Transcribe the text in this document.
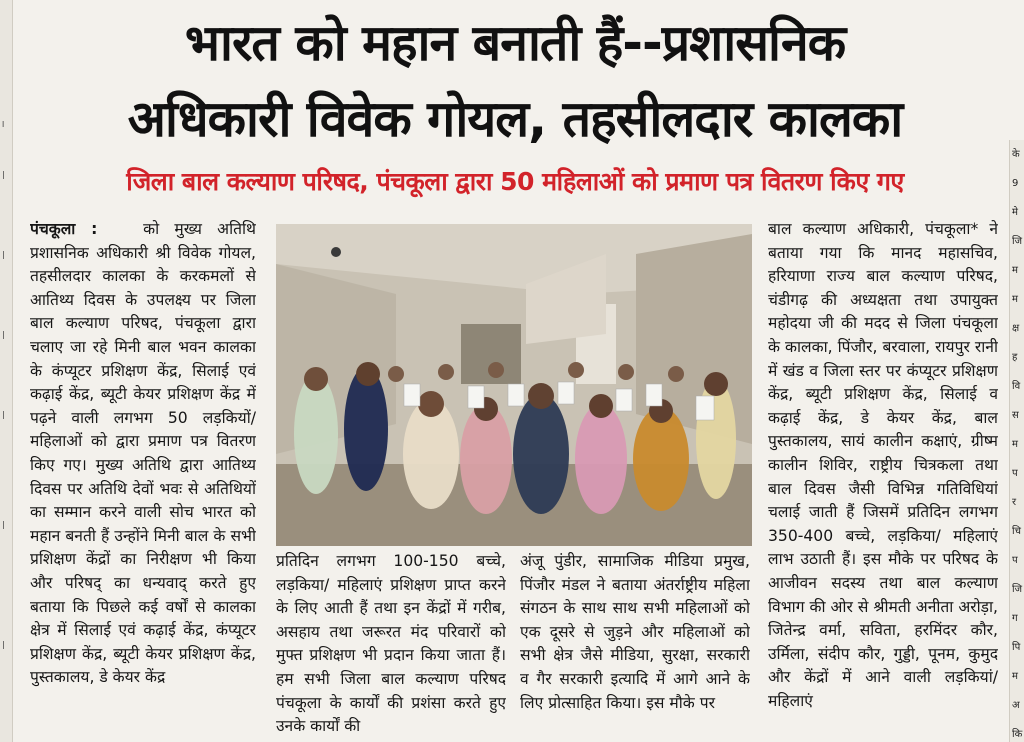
l
|
|
|
|
|
|
भारत को महान बनाती हैं--प्रशासनिक
अधिकारी विवेक गोयल, तहसीलदार कालका
जिला बाल कल्याण परिषद, पंचकूला द्वारा 50 महिलाओं को प्रमाण पत्र वितरण किए गए

पंचकूला :	को मुख्य अतिथि प्रशासनिक अधिकारी श्री विवेक गोयल, तहसीलदार कालका के करकमलों से आतिथ्य दिवस के उपलक्ष्य पर जिला बाल कल्याण परिषद, पंचकूला द्वारा चलाए जा रहे मिनी बाल भवन कालका के कंप्यूटर प्रशिक्षण केंद्र, सिलाई एवं कढ़ाई केंद्र, ब्यूटी केयर प्रशिक्षण केंद्र में पढ़ने वाली लगभग 50 लड़कियों/ महिलाओं को द्वारा प्रमाण पत्र वितरण किए गए। मुख्य अतिथि द्वारा आतिथ्य दिवस पर अतिथि देवों भवः से अतिथियों का सम्मान करने वाली सोच भारत को महान बनती हैं उन्होंने मिनी बाल के सभी प्रशिक्षण केंद्रों का निरीक्षण भी किया और परिषद् का धन्यवाद् करते हुए बताया कि पिछले कई वर्षों से कालका क्षेत्र में सिलाई एवं कढ़ाई केंद्र, कंप्यूटर प्रशिक्षण केंद्र, ब्यूटी केयर प्रशिक्षण केंद्र, पुस्तकालय, डे केयर केंद्र

प्रतिदिन लगभग 100-150 बच्चे, लड़किया/ महिलाएं प्रशिक्षण प्राप्त करने के लिए आती हैं तथा इन केंद्रों में गरीब, असहाय तथा जरूरत मंद परिवारों को मुफ्त प्रशिक्षण भी प्रदान किया जाता हैं। हम सभी जिला बाल कल्याण परिषद पंचकूला के कार्यों की प्रशंसा करते हुए उनके कार्यों की

अंजू पुंडीर, सामाजिक मीडिया प्रमुख, पिंजौर मंडल ने बताया अंतर्राष्ट्रीय महिला संगठन के साथ साथ सभी महिलाओं को एक दूसरे से जुड़ने और महिलाओं को सभी क्षेत्र जैसे मीडिया, सुरक्षा, सरकारी व गैर सरकारी इत्यादि में आगे आने के लिए प्रोत्साहित किया। इस मौके पर

बाल कल्याण अधिकारी, पंचकूला* ने बताया गया कि मानद महासचिव, हरियाणा राज्य बाल कल्याण परिषद, चंडीगढ़ की अध्यक्षता तथा उपायुक्त महोदया जी की मदद से जिला पंचकूला के कालका, पिंजौर, बरवाला, रायपुर रानी में खंड व जिला स्तर पर कंप्यूटर प्रशिक्षण केंद्र, ब्यूटी प्रशिक्षण केंद्र, सिलाई व कढ़ाई केंद्र, डे केयर केंद्र, बाल पुस्तकालय, सायं कालीन कक्षाएं, ग्रीष्म कालीन शिविर, राष्ट्रीय चित्रकला तथा बाल दिवस जैसी विभिन्न गतिविधियां चलाई जाती हैं जिसमें प्रतिदिन लगभग 350-400 बच्चे, लड़किया/ महिलाएं लाभ उठाती हैं। इस मौके पर परिषद के आजीवन सदस्य तथा बाल कल्याण विभाग की ओर से श्रीमती अनीता अरोड़ा, जितेन्द्र वर्मा, सविता, हरमिंदर कौर, उर्मिला, संदीप कौर, गुड्डी, पूनम, कुमुद और केंद्रों में आने वाली लड़कियां/महिलाएं

के
9
मे
जि
म
म
क्ष
ह
वि
स
म
प
र
चि
प
जि
ग
पि
म
अ
कि
